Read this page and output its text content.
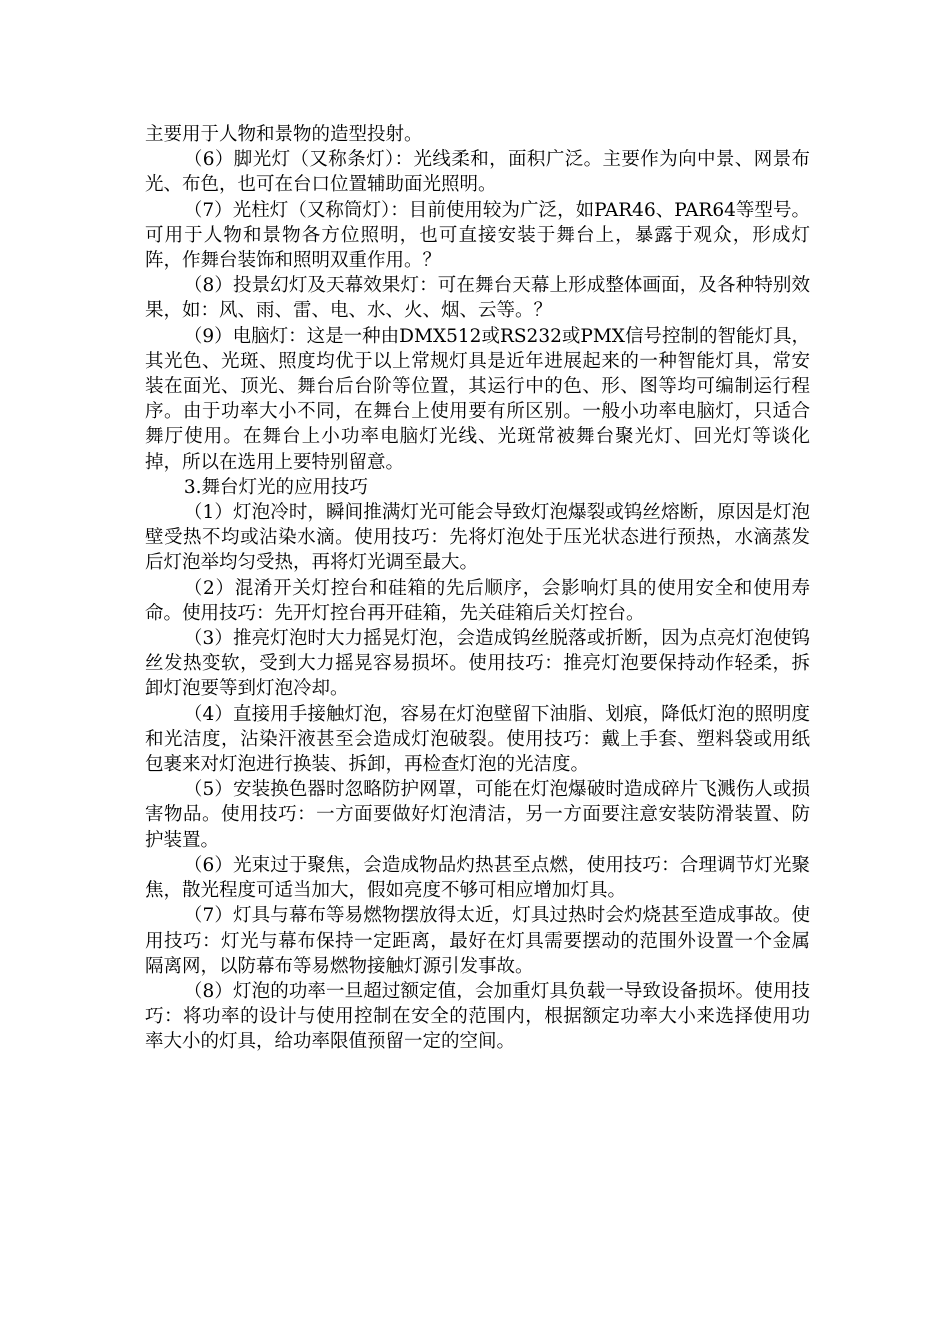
主要用于人物和景物的造型投射。

（6）脚光灯（又称条灯）：光线柔和，面积广泛。主要作为向中景、网景布光、布色，也可在台口位置辅助面光照明。

（7）光柱灯（又称筒灯）：目前使用较为广泛，如PAR46、PAR64等型号。可用于人物和景物各方位照明，也可直接安装于舞台上，暴露于观众，形成灯阵，作舞台装饰和照明双重作用。？

（8）投景幻灯及天幕效果灯：可在舞台天幕上形成整体画面，及各种特别效果，如：风、雨、雷、电、水、火、烟、云等。？

（9）电脑灯：这是一种由DMX512或RS232或PMX信号控制的智能灯具，其光色、光斑、照度均优于以上常规灯具是近年进展起来的一种智能灯具，常安装在面光、顶光、舞台后台阶等位置，其运行中的色、形、图等均可编制运行程序。由于功率大小不同，在舞台上使用要有所区别。一般小功率电脑灯，只适合舞厅使用。在舞台上小功率电脑灯光线、光斑常被舞台聚光灯、回光灯等谈化掉，所以在选用上要特别留意。

3.舞台灯光的应用技巧

（1）灯泡冷时，瞬间推满灯光可能会导致灯泡爆裂或钨丝熔断，原因是灯泡壁受热不均或沾染水滴。使用技巧：先将灯泡处于压光状态进行预热，水滴蒸发后灯泡举均匀受热，再将灯光调至最大。

（2）混淆开关灯控台和硅箱的先后顺序，会影响灯具的使用安全和使用寿命。使用技巧：先开灯控台再开硅箱，先关硅箱后关灯控台。

（3）推亮灯泡时大力摇晃灯泡，会造成钨丝脱落或折断，因为点亮灯泡使钨丝发热变软，受到大力摇晃容易损坏。使用技巧：推亮灯泡要保持动作轻柔，拆卸灯泡要等到灯泡冷却。

（4）直接用手接触灯泡，容易在灯泡壁留下油脂、划痕，降低灯泡的照明度和光洁度，沾染汗液甚至会造成灯泡破裂。使用技巧：戴上手套、塑料袋或用纸包裹来对灯泡进行换装、拆卸，再检查灯泡的光洁度。

（5）安装换色器时忽略防护网罩，可能在灯泡爆破时造成碎片飞溅伤人或损害物品。使用技巧：一方面要做好灯泡清洁，另一方面要注意安装防滑装置、防护装置。

（6）光束过于聚焦，会造成物品灼热甚至点燃，使用技巧：合理调节灯光聚焦，散光程度可适当加大，假如亮度不够可相应增加灯具。

（7）灯具与幕布等易燃物摆放得太近，灯具过热时会灼烧甚至造成事故。使用技巧：灯光与幕布保持一定距离，最好在灯具需要摆动的范围外设置一个金属隔离网，以防幕布等易燃物接触灯源引发事故。

（8）灯泡的功率一旦超过额定值，会加重灯具负载一导致设备损坏。使用技巧：将功率的设计与使用控制在安全的范围内，根据额定功率大小来选择使用功率大小的灯具，给功率限值预留一定的空间。
